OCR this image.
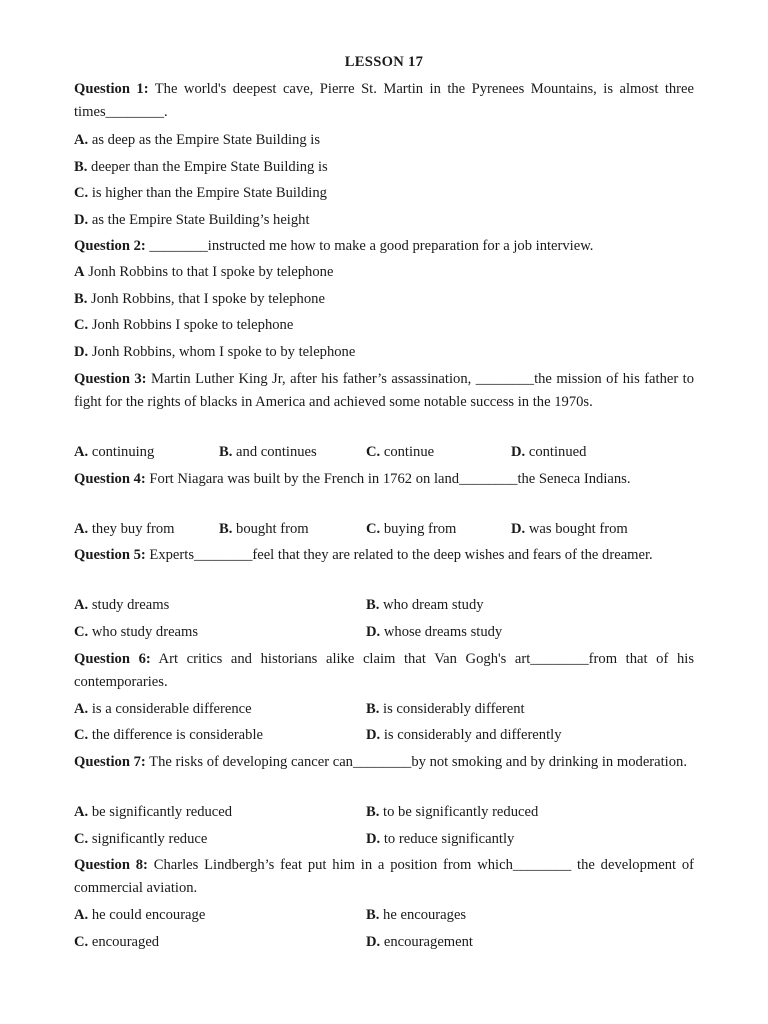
LESSON 17
Question 1: The world's deepest cave, Pierre St. Martin in the Pyrenees Mountains, is almost three times________.
A. as deep as the Empire State Building is
B. deeper than the Empire State Building is
C. is higher than the Empire State Building
D. as the Empire State Building’s height
Question 2: ________instructed me how to make a good preparation for a job interview.
A Jonh Robbins to that I spoke by telephone
B. Jonh Robbins, that I spoke by telephone
C. Jonh Robbins I spoke to telephone
D. Jonh Robbins, whom I spoke to by telephone
Question 3: Martin Luther King Jr, after his father’s assassination, ________the mission of his father to fight for the rights of blacks in America and achieved some notable success in the 1970s.
A. continuing	B. and continues	C. continue	D. continued
Question 4: Fort Niagara was built by the French in 1762 on land________the Seneca Indians.
A. they buy from	B. bought from	C. buying from	D. was bought from
Question 5: Experts________feel that they are related to the deep wishes and fears of the dreamer.
A. study dreams	B. who dream study
C. who study dreams	D. whose dreams study
Question 6: Art critics and historians alike claim that Van Gogh's art________from that of his contemporaries.
A. is a considerable difference	B. is considerably different
C. the difference is considerable	D. is considerably and differently
Question 7: The risks of developing cancer can________by not smoking and by drinking in moderation.
A. be significantly reduced	B. to be significantly reduced
C. significantly reduce	D. to reduce significantly
Question 8: Charles Lindbergh’s feat put him in a position from which________ the development of commercial aviation.
A. he could encourage	B. he encourages
C. encouraged	D. encouragement
